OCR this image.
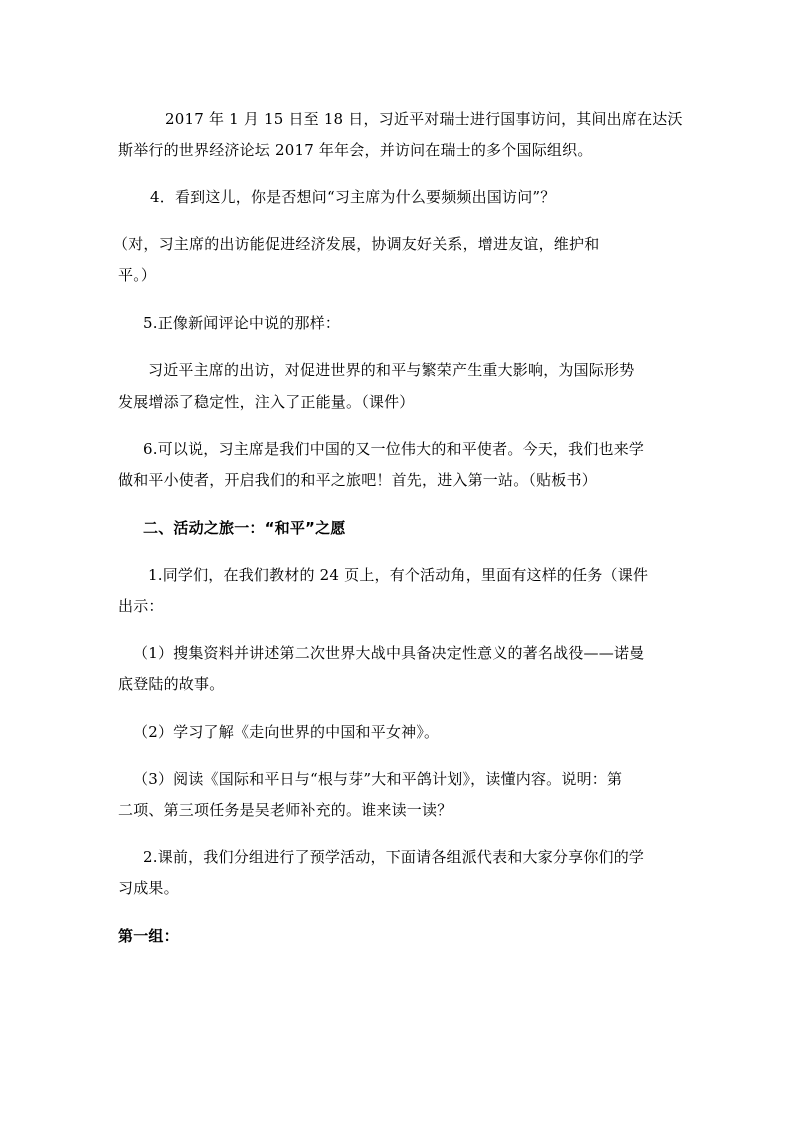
2017 年 1 月 15 日至 18 日，习近平对瑞士进行国事访问，其间出席在达沃
斯举行的世界经济论坛 2017 年年会，并访问在瑞士的多个国际组织。
4．看到这儿，你是否想问“习主席为什么要频频出国访问”？
（对，习主席的出访能促进经济发展，协调友好关系，增进友谊，维护和
平。）
5.正像新闻评论中说的那样：
习近平主席的出访，对促进世界的和平与繁荣产生重大影响，为国际形势
发展增添了稳定性，注入了正能量。（课件）
6.可以说，习主席是我们中国的又一位伟大的和平使者。今天，我们也来学
做和平小使者，开启我们的和平之旅吧！首先，进入第一站。（贴板书）
二、活动之旅一：“和平”之愿
1.同学们，在我们教材的 24 页上，有个活动角，里面有这样的任务（课件
出示：
（1）搜集资料并讲述第二次世界大战中具备决定性意义的著名战役——诺曼
底登陆的故事。
（2）学习了解《走向世界的中国和平女神》。
（3）阅读《国际和平日与“根与芽”大和平鸽计划》，读懂内容。说明：第
二项、第三项任务是吴老师补充的。谁来读一读？
2.课前，我们分组进行了预学活动，下面请各组派代表和大家分享你们的学
习成果。
第一组：
